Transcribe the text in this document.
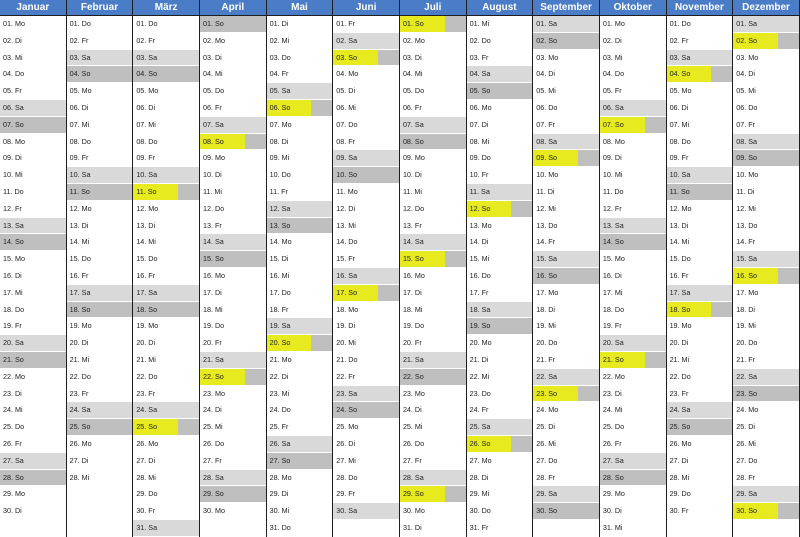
Januar
01. Mo
02. Di
03. Mi
04. Do
05. Fr
06. Sa
07. So
08. Mo
09. Di
10. Mi
11. Do
12. Fr
13. Sa
14. So
15. Mo
16. Di
17. Mi
18. Do
19. Fr
20. Sa
21. So
22. Mo
23. Di
24. Mi
25. Do
26. Fr
27. Sa
28. So
29. Mo
30. Di
Februar
01. Do
02. Fr
03. Sa
04. So
05. Mo
06. Di
07. Mi
08. Do
09. Fr
10. Sa
11. So
12. Mo
13. Di
14. Mi
15. Do
16. Fr
17. Sa
18. So
19. Mo
20. Di
21. Mi
22. Do
23. Fr
24. Sa
25. So
26. Mo
27. Di
28. Mi
März
01. Do
02. Fr
03. Sa
04. So
05. Mo
06. Di
07. Mi
08. Do
09. Fr
10. Sa
11. So
12. Mo
13. Di
14. Mi
15. Do
16. Fr
17. Sa
18. So
19. Mo
20. Di
21. Mi
22. Do
23. Fr
24. Sa
25. So
26. Mo
27. Di
28. Mi
29. Do
30. Fr
31. Sa
April
01. So
02. Mo
03. Di
04. Mi
05. Do
06. Fr
07. Sa
08. So
09. Mo
10. Di
11. Mi
12. Do
13. Fr
14. Sa
15. So
16. Mo
17. Di
18. Mi
19. Do
20. Fr
21. Sa
22. So
23. Mo
24. Di
25. Mi
26. Do
27. Fr
28. Sa
29. So
30. Mo
Mai
01. Di
02. Mi
03. Do
04. Fr
05. Sa
06. So
07. Mo
08. Di
09. Mi
10. Do
11. Fr
12. Sa
13. So
14. Mo
15. Di
16. Mi
17. Do
18. Fr
19. Sa
20. So
21. Mo
22. Di
23. Mi
24. Do
25. Fr
26. Sa
27. So
28. Mo
29. Di
30. Mi
31. Do
Juni
01. Fr
02. Sa
03. So
04. Mo
05. Di
06. Mi
07. Do
08. Fr
09. Sa
10. So
11. Mo
12. Di
13. Mi
14. Do
15. Fr
16. Sa
17. So
18. Mo
19. Di
20. Mi
21. Do
22. Fr
23. Sa
24. So
25. Mo
26. Di
27. Mi
28. Do
29. Fr
30. Sa
Juli
01. So
02. Mo
03. Di
04. Mi
05. Do
06. Fr
07. Sa
08. So
09. Mo
10. Di
11. Mi
12. Do
13. Fr
14. Sa
15. So
16. Mo
17. Di
18. Mi
19. Do
20. Fr
21. Sa
22. So
23. Mo
24. Di
25. Mi
26. Do
27. Fr
28. Sa
29. So
30. Mo
31. Di
August
01. Mi
02. Do
03. Fr
04. Sa
05. So
06. Mo
07. Di
08. Mi
09. Do
10. Fr
11. Sa
12. So
13. Mo
14. Di
15. Mi
16. Do
17. Fr
18. Sa
19. So
20. Mo
21. Di
22. Mi
23. Do
24. Fr
25. Sa
26. So
27. Mo
28. Di
29. Mi
30. Do
31. Fr
September
01. Sa
02. So
03. Mo
04. Di
05. Mi
06. Do
07. Fr
08. Sa
09. So
10. Mo
11. Di
12. Mi
13. Do
14. Fr
15. Sa
16. So
17. Mo
18. Di
19. Mi
20. Do
21. Fr
22. Sa
23. So
24. Mo
25. Di
26. Mi
27. Do
28. Fr
29. Sa
30. So
Oktober
01. Mo
02. Di
03. Mi
04. Do
05. Fr
06. Sa
07. So
08. Mo
09. Di
10. Mi
11. Do
12. Fr
13. Sa
14. So
15. Mo
16. Di
17. Mi
18. Do
19. Fr
20. Sa
21. So
22. Mo
23. Di
24. Mi
25. Do
26. Fr
27. Sa
28. So
29. Mo
30. Di
31. Mi
November
01. Do
02. Fr
03. Sa
04. So
05. Mo
06. Di
07. Mi
08. Do
09. Fr
10. Sa
11. So
12. Mo
13. Di
14. Mi
15. Do
16. Fr
17. Sa
18. So
19. Mo
20. Di
21. Mi
22. Do
23. Fr
24. Sa
25. So
26. Mo
27. Di
28. Mi
29. Do
30. Fr
Dezember
01. Sa
02. So
03. Mo
04. Di
05. Mi
06. Do
07. Fr
08. Sa
09. So
10. Mo
11. Di
12. Mi
13. Do
14. Fr
15. Sa
16. So
17. Mo
18. Di
19. Mi
20. Do
21. Fr
22. Sa
23. So
24. Mo
25. Di
26. Mi
27. Do
28. Fr
29. Sa
30. So
